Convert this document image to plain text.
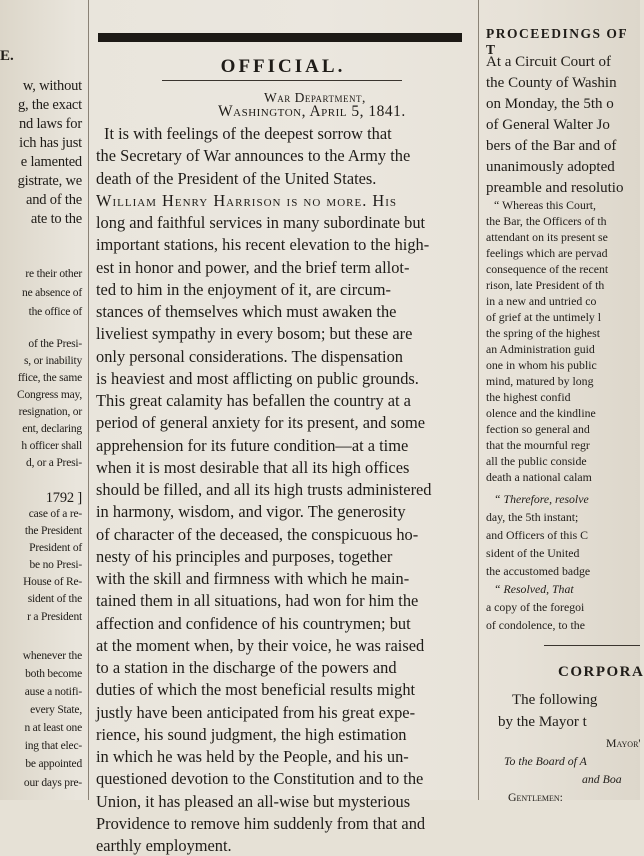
E.
w, without
g, the exact
nd laws for
ich has just
e lamented
gistrate, we
and of the
ate to the
re their other
ne absence of
the office of
of the Presi-
s, or inability
ffice, the same
Congress may,
resignation, or
ent, declaring
h officer shall
d, or a Presi-
1792 ]
case of a re-
the President
President of
be no Presi-
House of Re-
sident of the
r a President
whenever the
both become
ause a notifi-
every State,
n at least one
ing that elec-
be appointed
our days pre-
OFFICIAL.
War Department,
Washington, April 5, 1841.
It is with feelings of the deepest sorrow that
the Secretary of War announces to the Army the
death of the President of the United States.
William Henry Harrison is no more. His
long and faithful services in many subordinate but
important stations, his recent elevation to the high-
est in honor and power, and the brief term allot-
ted to him in the enjoyment of it, are circum-
stances of themselves which must awaken the
liveliest sympathy in every bosom; but these are
only personal considerations. The dispensation
is heaviest and most afflicting on public grounds.
This great calamity has befallen the country at a
period of general anxiety for its present, and some
apprehension for its future condition—at a time
when it is most desirable that all its high offices
should be filled, and all its high trusts administered
in harmony, wisdom, and vigor. The generosity
of character of the deceased, the conspicuous ho-
nesty of his principles and purposes, together
with the skill and firmness with which he main-
tained them in all situations, had won for him the
affection and confidence of his countrymen; but
at the moment when, by their voice, he was raised
to a station in the discharge of the powers and
duties of which the most beneficial results might
justly have been anticipated from his great expe-
rience, his sound judgment, the high estimation
in which he was held by the People, and his un-
questioned devotion to the Constitution and to the
Union, it has pleased an all-wise but mysterious
Providence to remove him suddenly from that and
earthly employment.
PROCEEDINGS OF T
CORPORA
At a Circuit Court of
the County of Washin
on Monday, the 5th o
of General Walter Jo
bers of the Bar and of
unanimously adopted
preamble and resolutio
“ Whereas this Court,
the Bar, the Officers of th
attendant on its present se
feelings which are pervad
consequence of the recent
rison, late President of th
in a new and untried co
of grief at the untimely l
the spring of the highest
an Administration guid
one in whom his public
mind, matured by long
the highest confid
olence and the kindline
fection so general and
that the mournful regr
all the public conside
death a national calam
“ Therefore, resolve
day, the 5th instant;
and Officers of this C
sident of the United
the accustomed badge
“ Resolved, That
a copy of the foregoi
of condolence, to the
The following
by the Mayor t
Mayor'
To the Board of A
and Boa
Gentlemen:
